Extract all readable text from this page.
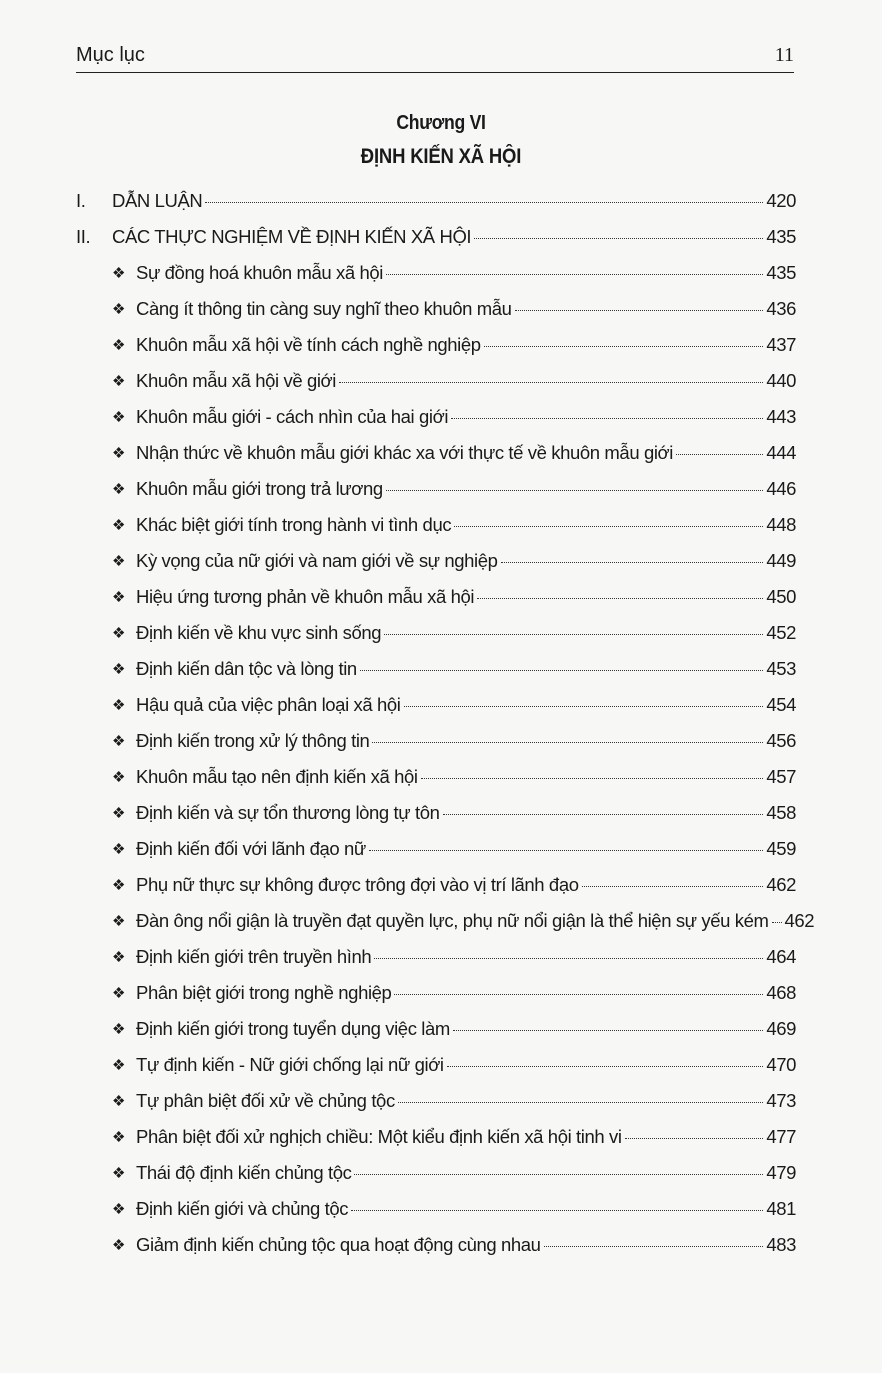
Mục lục	11
Chương VI
ĐỊNH KIẾN XÃ HỘI
I.	DẪN LUẬN	420
II.	CÁC THỰC NGHIỆM VỀ ĐỊNH KIẾN XÃ HỘI	435
❖ Sự đồng hoá khuôn mẫu xã hội	435
❖ Càng ít thông tin càng suy nghĩ theo khuôn mẫu	436
❖ Khuôn mẫu xã hội về tính cách nghề nghiệp	437
❖ Khuôn mẫu xã hội về giới	440
❖ Khuôn mẫu giới - cách nhìn của hai giới	443
❖ Nhận thức về khuôn mẫu giới khác xa với thực tế về khuôn mẫu giới	444
❖ Khuôn mẫu giới trong trả lương	446
❖ Khác biệt giới tính trong hành vi tình dục	448
❖ Kỳ vọng của nữ giới và nam giới về sự nghiệp	449
❖ Hiệu ứng tương phản về khuôn mẫu xã hội	450
❖ Định kiến về khu vực sinh sống	452
❖ Định kiến dân tộc và lòng tin	453
❖ Hậu quả của việc phân loại xã hội	454
❖ Định kiến trong xử lý thông tin	456
❖ Khuôn mẫu tạo nên định kiến xã hội	457
❖ Định kiến và sự tổn thương lòng tự tôn	458
❖ Định kiến đối với lãnh đạo nữ	459
❖ Phụ nữ thực sự không được trông đợi vào vị trí lãnh đạo	462
❖ Đàn ông nổi giận là truyền đạt quyền lực, phụ nữ nổi giận là thể hiện sự yếu kém 462
❖ Định kiến giới trên truyền hình	464
❖ Phân biệt giới trong nghề nghiệp	468
❖ Định kiến giới trong tuyển dụng việc làm	469
❖ Tự định kiến - Nữ giới chống lại nữ giới	470
❖ Tự phân biệt đối xử về chủng tộc	473
❖ Phân biệt đối xử nghịch chiều: Một kiểu định kiến xã hội tinh vi	477
❖ Thái độ định kiến chủng tộc	479
❖ Định kiến giới và chủng tộc	481
❖ Giảm định kiến chủng tộc qua hoạt động cùng nhau	483
